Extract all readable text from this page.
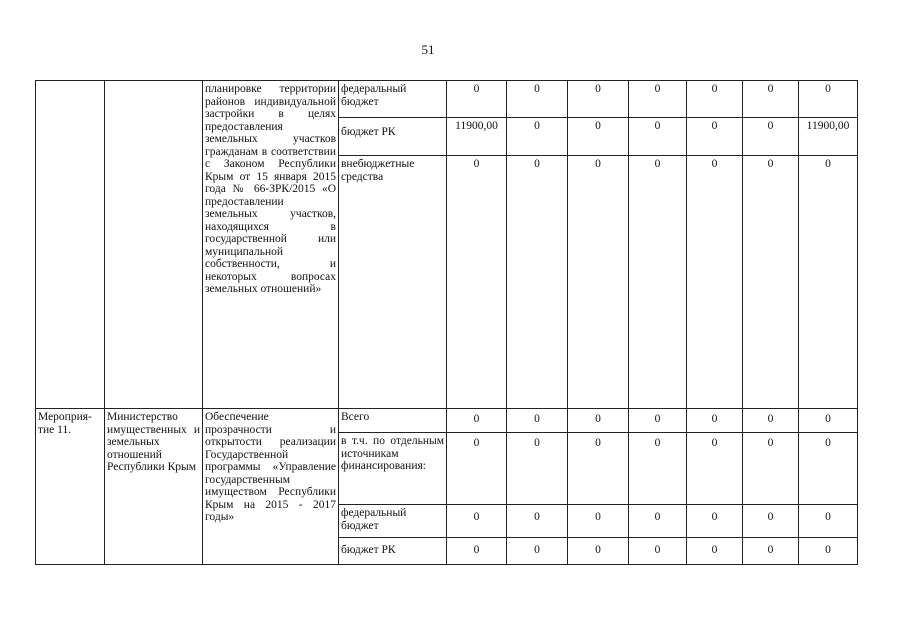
51
		планировке территории районов индивидуальной застройки в целях предоставления земельных участков гражданам в соответствии с Законом Республики Крым от 15 января 2015 года № 66-ЗРК/2015 «О предоставлении земельных участков, находящихся в государственной или муниципальной собственности, и некоторых вопросах земельных отношений»	федеральный бюджет	0	0	0	0	0	0	0
			бюджет РК	11900,00	0	0	0	0	0	11900,00
			внебюджетные средства	0	0	0	0	0	0	0
Мероприя-тие 11.	Министерство имущественных и земельных отношений Республики Крым	Обеспечение прозрачности и открытости реализации Государственной программы «Управление государственным имуществом Республики Крым на 2015 - 2017 годы»	Всего	0	0	0	0	0	0	0
			в т.ч. по отдельным источникам финансирования:	0	0	0	0	0	0	0
			федеральный бюджет	0	0	0	0	0	0	0
			бюджет РК	0	0	0	0	0	0	0
